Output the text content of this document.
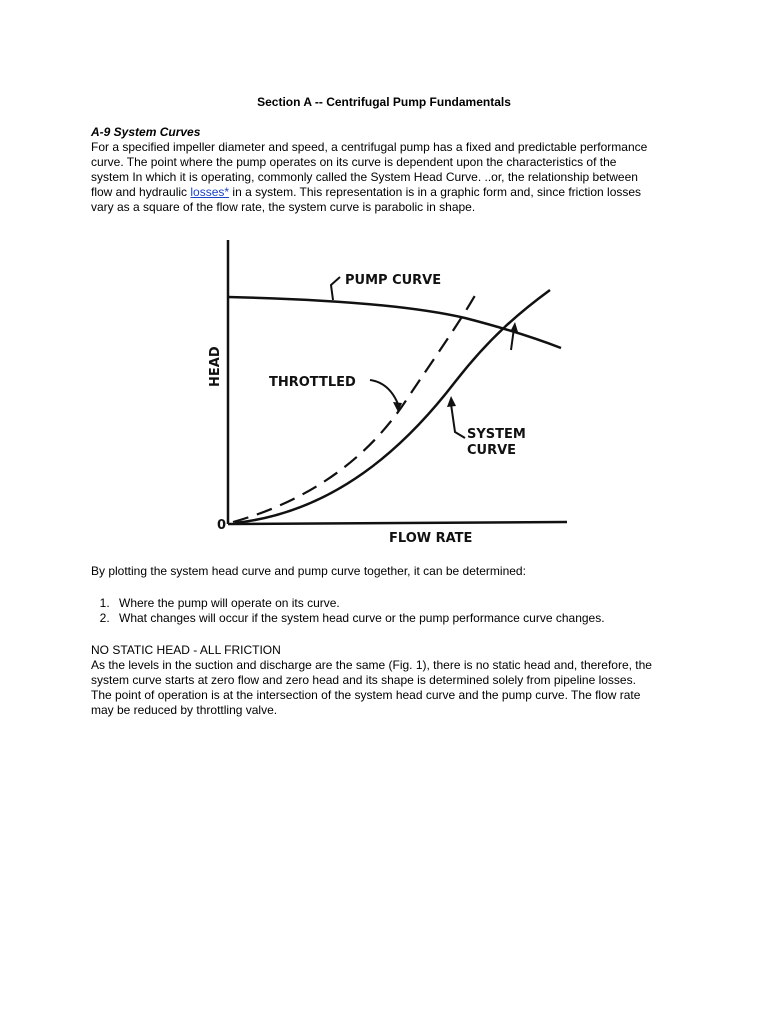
Section A -- Centrifugal Pump Fundamentals
A-9 System Curves
For a specified impeller diameter and speed, a centrifugal pump has a fixed and predictable performance
curve. The point where the pump operates on its curve is dependent upon the characteristics of the
system In which it is operating, commonly called the System Head Curve. ..or, the relationship between
flow and hydraulic losses* in a system. This representation is in a graphic form and, since friction losses
vary as a square of the flow rate, the system curve is parabolic in shape.
PUMP CURVE
THROTTLED
SYSTEM
CURVE
FLOW RATE
0
HEAD
By plotting the system head curve and pump curve together, it can be determined:
1. Where the pump will operate on its curve.
2. What changes will occur if the system head curve or the pump performance curve changes.
NO STATIC HEAD - ALL FRICTION
As the levels in the suction and discharge are the same (Fig. 1), there is no static head and, therefore, the
system curve starts at zero flow and zero head and its shape is determined solely from pipeline losses.
The point of operation is at the intersection of the system head curve and the pump curve. The flow rate
may be reduced by throttling valve.
